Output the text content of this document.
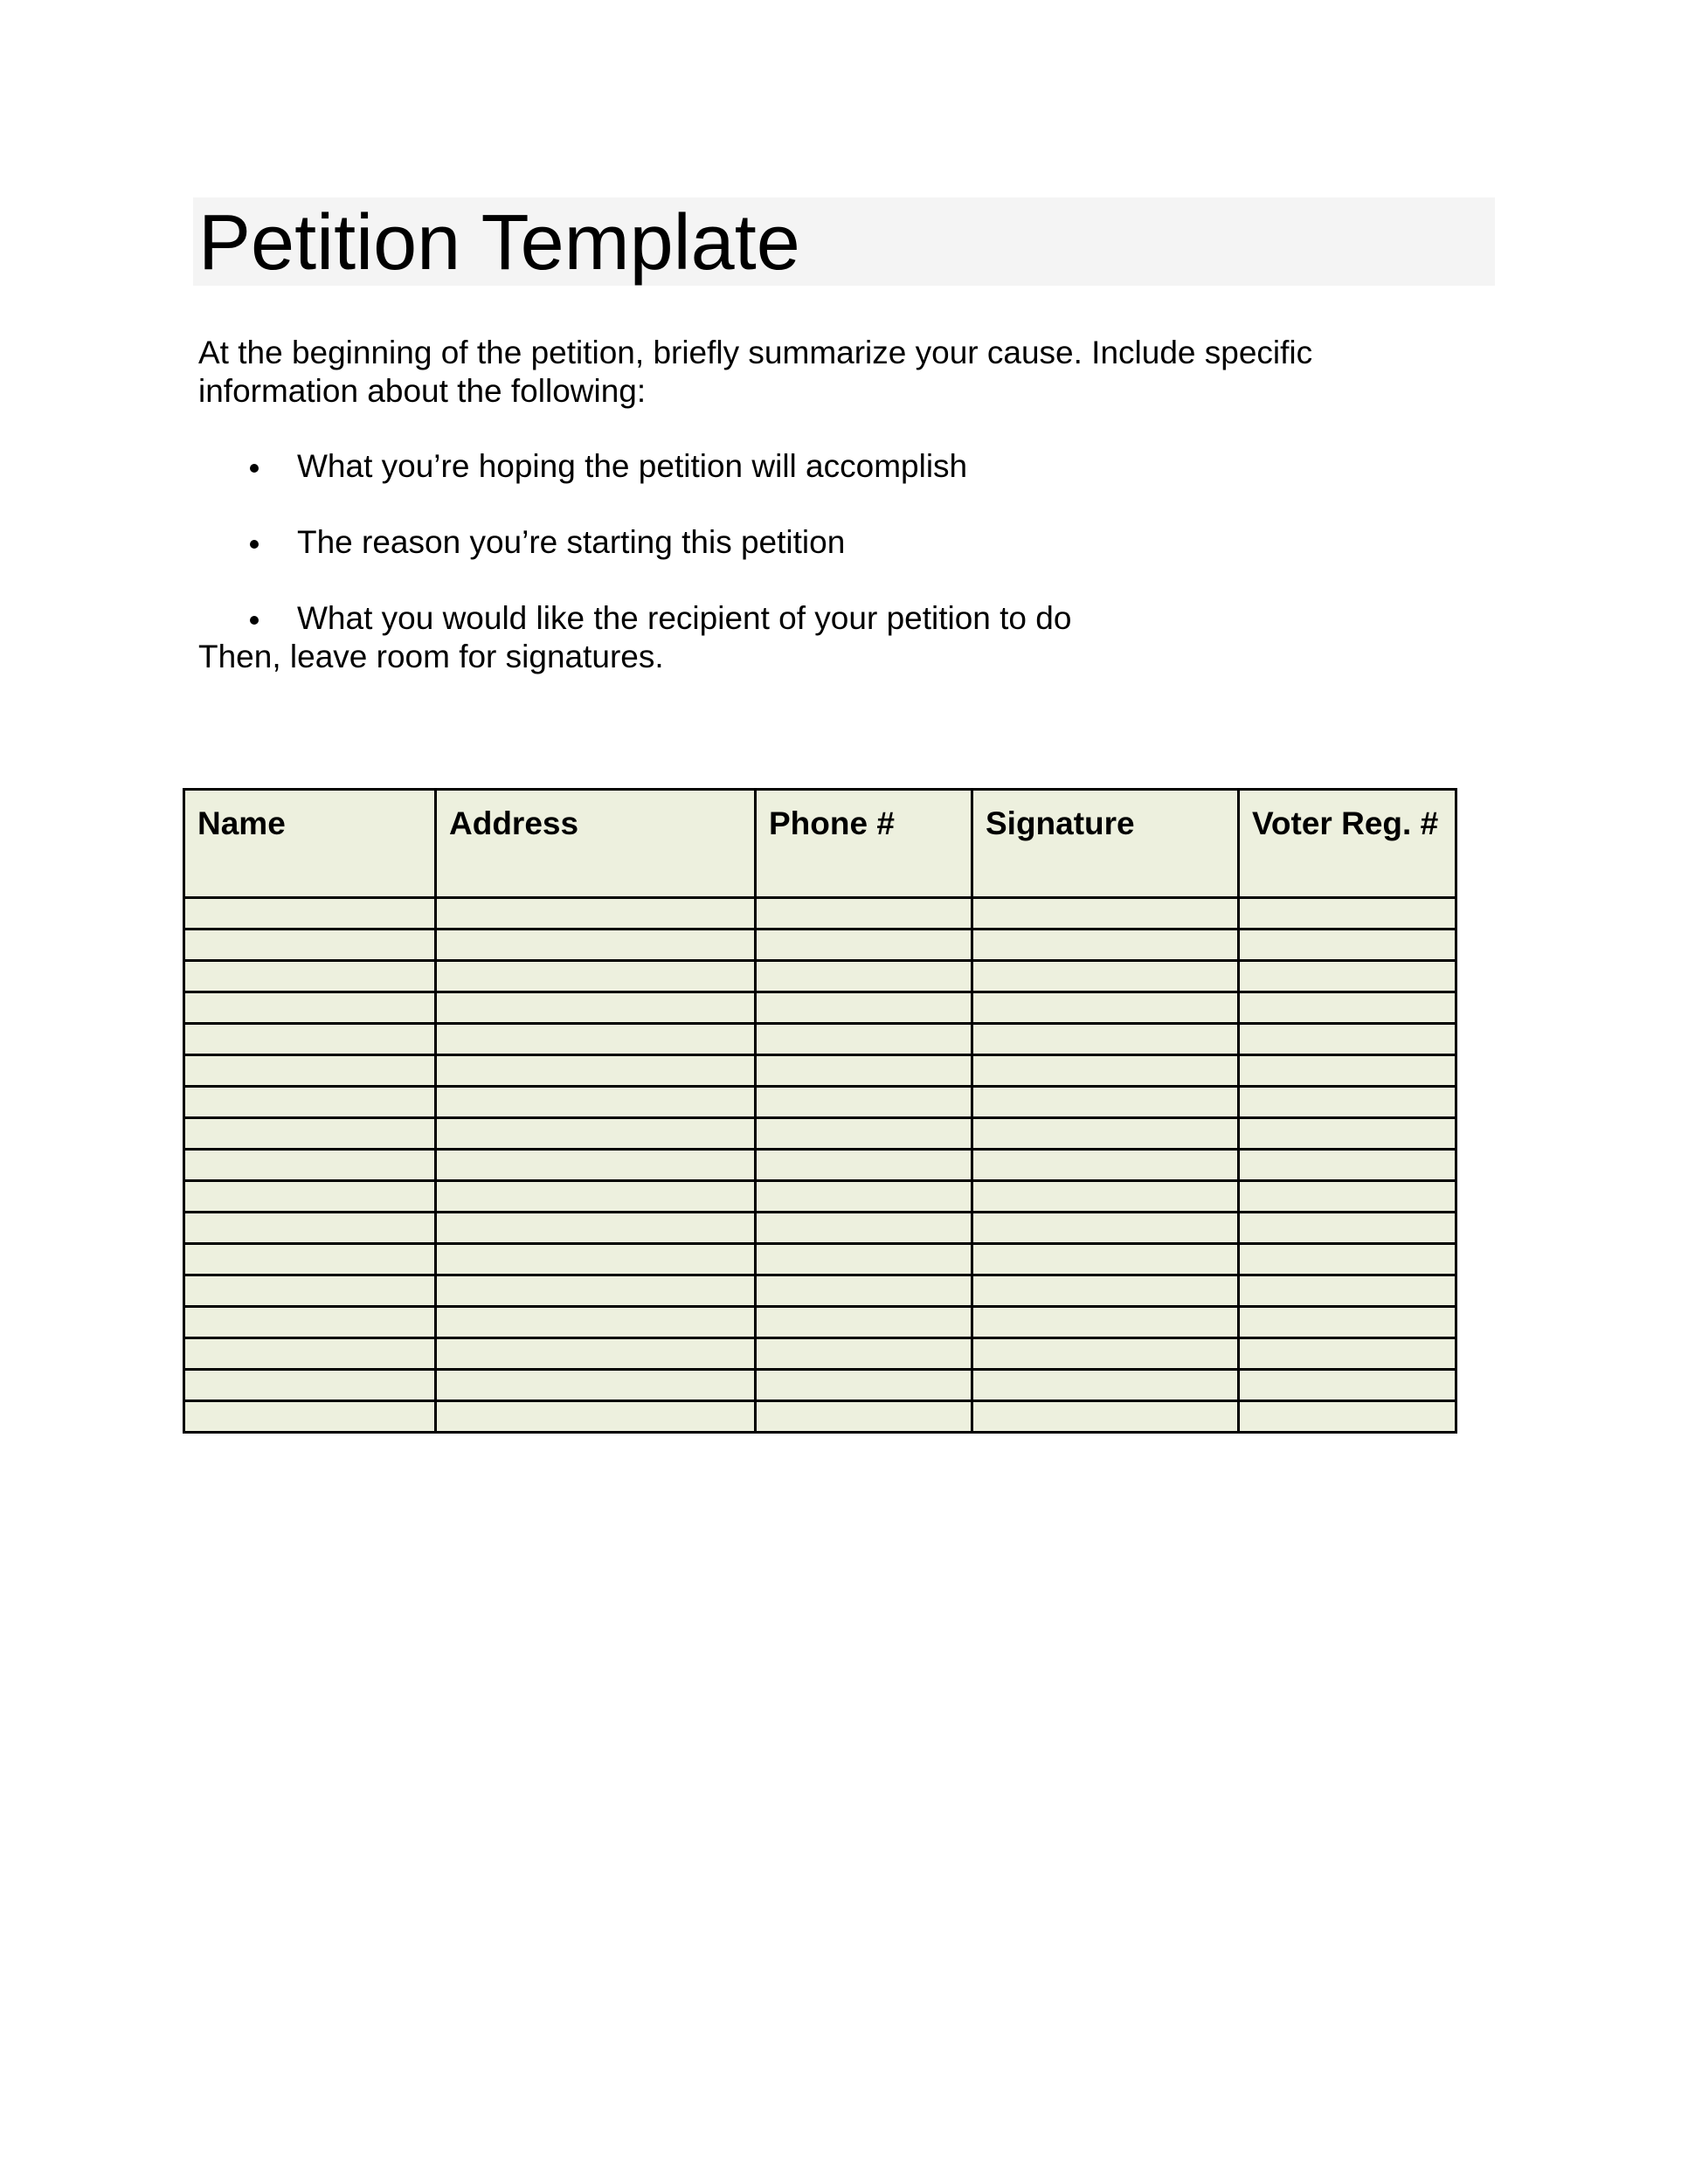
Petition Template

At the beginning of the petition, briefly summarize your cause. Include specific information about the following:

What you’re hoping the petition will accomplish
The reason you’re starting this petition
What you would like the recipient of your petition to do

Then, leave room for signatures.

Name	Address	Phone #	Signature	Voter Reg. #
